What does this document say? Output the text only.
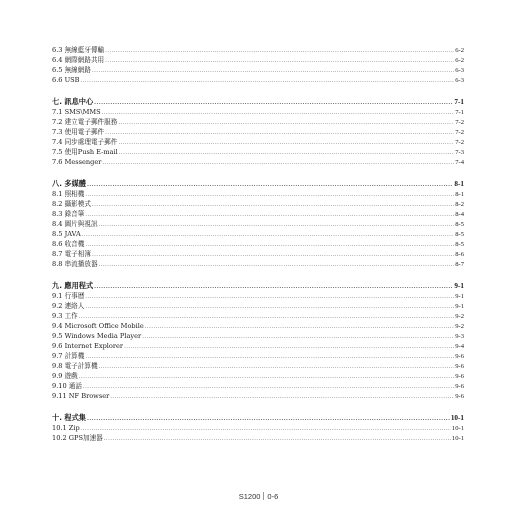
6.3 無線藍牙傳輸 .....	6-2
6.4 網際網路共用 .....	6-2
6.5 無線網路 .....	6-3
6.6 USB .....	6-3
七. 訊息中心 .....	7-1
7.1 SMS\MMS .....	7-1
7.2 建立電子郵件服務 .....	7-2
7.3 使用電子郵件 .....	7-2
7.4 同步處理電子郵件 .....	7-2
7.5 使用Push E-mail .....	7-3
7.6 Messenger .....	7-4
八. 多媒體 .....	8-1
8.1 照相機 .....	8-1
8.2 攝影模式 .....	8-2
8.3 錄音筆 .....	8-4
8.4 圖片與視訊 .....	8-5
8.5 JAVA .....	8-5
8.6 收音機 .....	8-5
8.7 電子相簿 .....	8-6
8.8 串流播放器 .....	8-7
九. 應用程式 .....	9-1
9.1 行事曆 .....	9-1
9.2 連絡人 .....	9-1
9.3 工作 .....	9-2
9.4 Microsoft Office Mobile .....	9-2
9.5 Windows Media Player .....	9-3
9.6 Internet Explorer .....	9-4
9.7 計算機 .....	9-6
9.8 電子計算機 .....	9-6
9.9 遊戲 .....	9-6
9.10 通話 .....	9-6
9.11 NF Browser .....	9-6
十. 程式集 .....	10-1
10.1 Zip .....	10-1
10.2 GPS加速器 .....	10-1
S1200 0-6
